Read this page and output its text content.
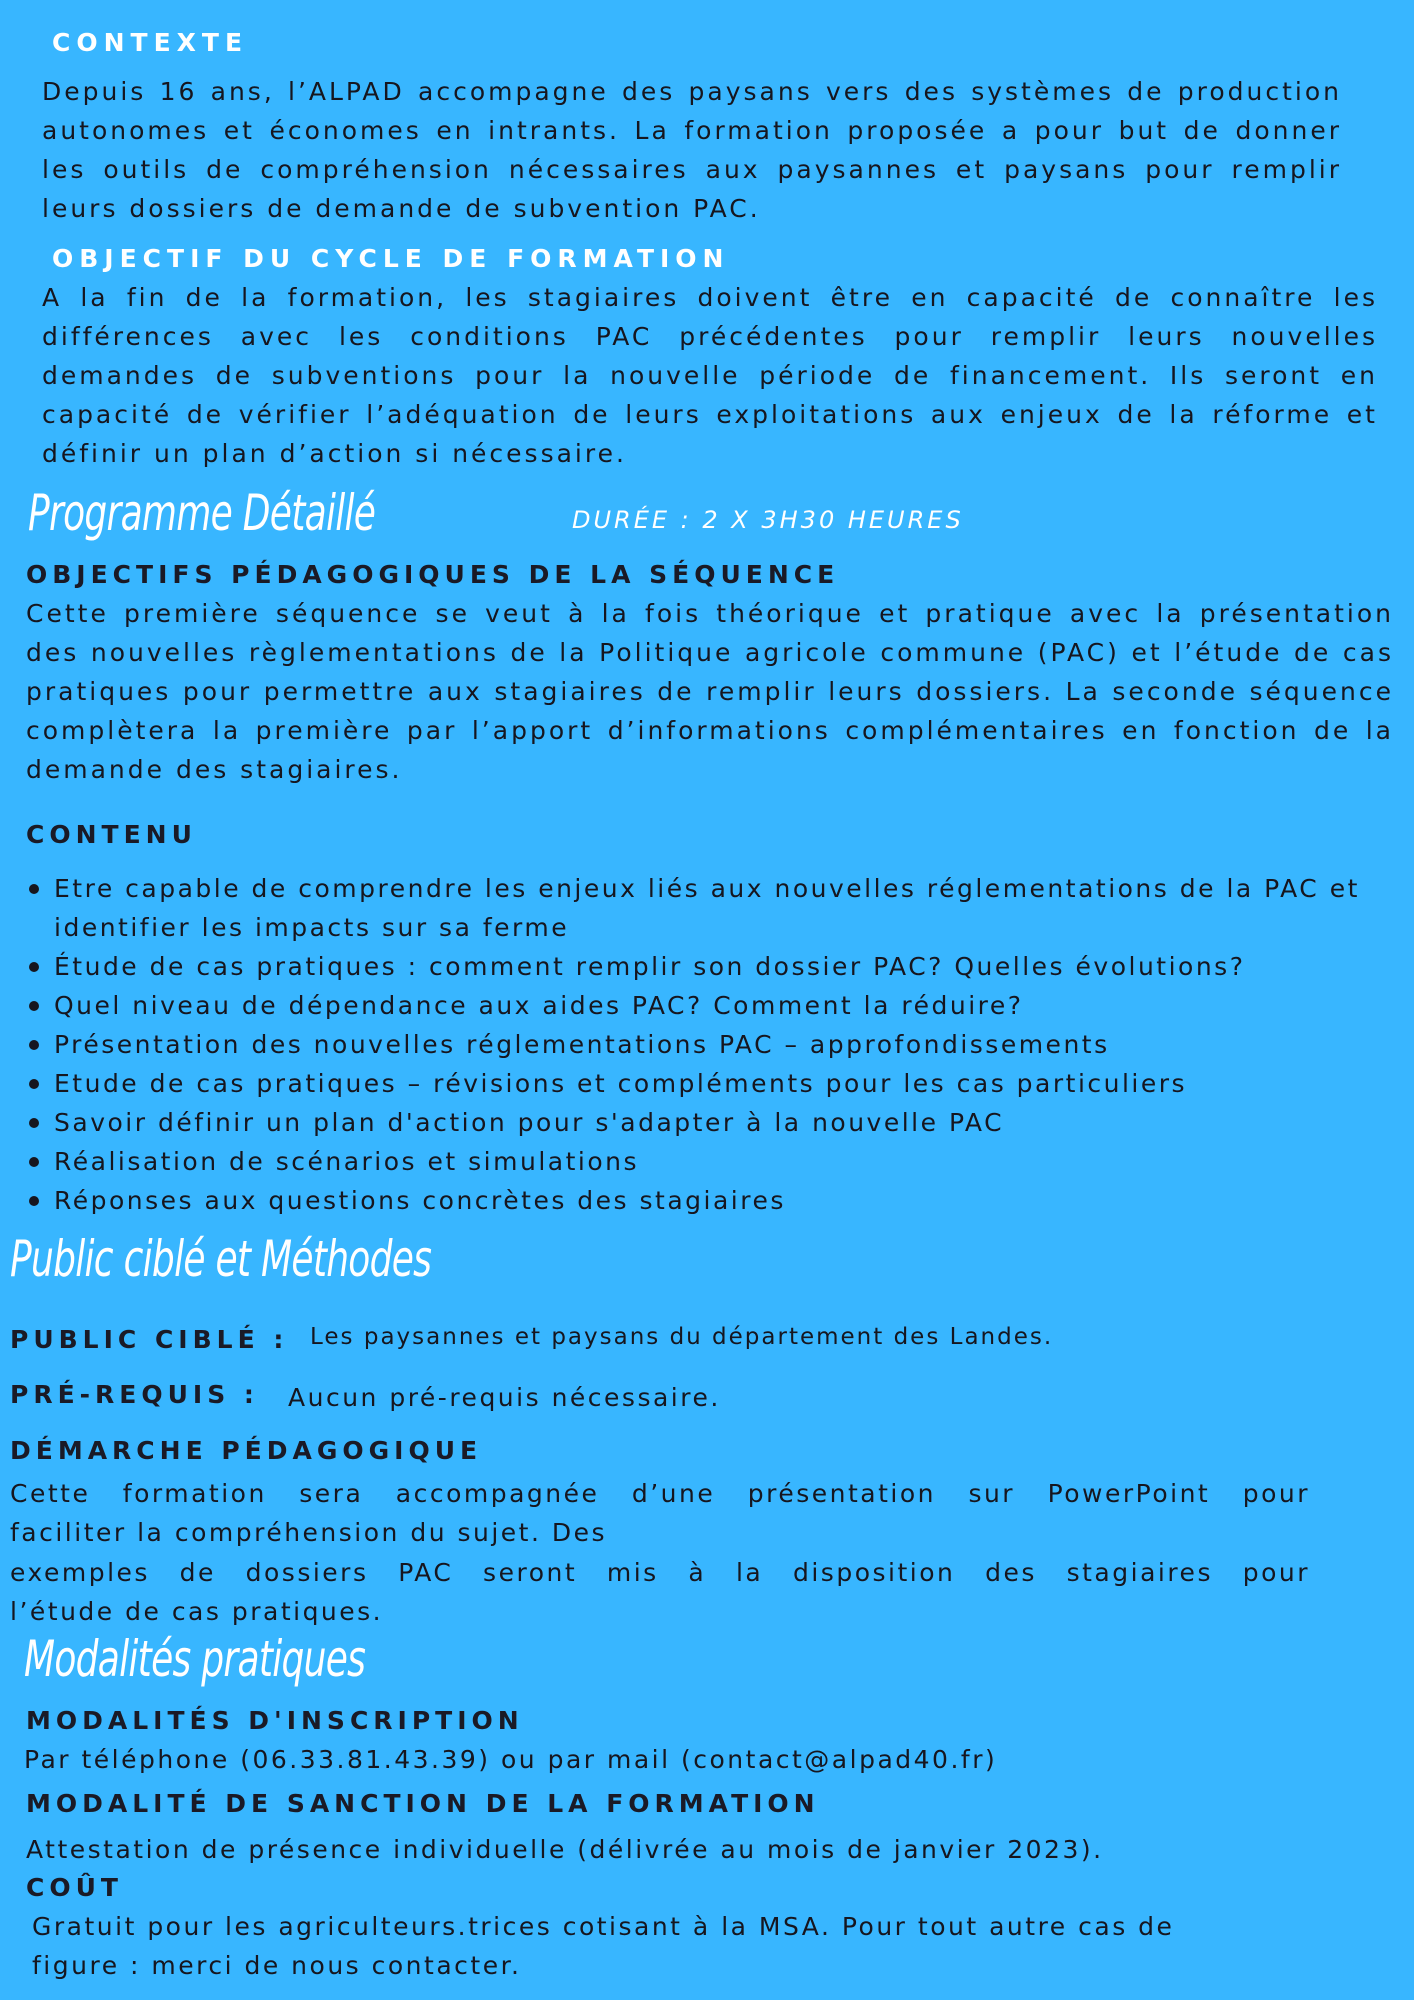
CONTEXTE

Depuis 16 ans, l’ALPAD accompagne des paysans vers des systèmes de production autonomes et économes en intrants. La formation proposée a pour but de donner les outils de compréhension nécessaires aux paysannes et paysans pour remplir leurs dossiers de demande de subvention PAC.

OBJECTIF DU CYCLE DE FORMATION

A la fin de la formation, les stagiaires doivent être en capacité de connaître les différences avec les conditions PAC précédentes pour remplir leurs nouvelles demandes de subventions pour la nouvelle période de financement. Ils seront en capacité de vérifier l’adéquation de leurs exploitations aux enjeux de la réforme et définir un plan d’action si nécessaire.

Programme Détaillé	DURÉE : 2 X 3H30 HEURES
OBJECTIFS PÉDAGOGIQUES DE LA SÉQUENCE

Cette première séquence se veut à la fois théorique et pratique avec la présentation des nouvelles règlementations de la Politique agricole commune (PAC) et l’étude de cas pratiques pour permettre aux stagiaires de remplir leurs dossiers. La seconde séquence complètera la première par l’apport d’informations complémentaires en fonction de la demande des stagiaires.

CONTENU
Etre capable de comprendre les enjeux liés aux nouvelles réglementations de la PAC et identifier les impacts sur sa ferme
Étude de cas pratiques : comment remplir son dossier PAC? Quelles évolutions?
Quel niveau de dépendance aux aides PAC? Comment la réduire?
Présentation des nouvelles réglementations PAC – approfondissements
Etude de cas pratiques – révisions et compléments pour les cas particuliers
Savoir définir un plan d'action pour s'adapter à la nouvelle PAC
Réalisation de scénarios et simulations
Réponses aux questions concrètes des stagiaires
Public ciblé et Méthodes
PUBLIC CIBLÉ : Les paysannes et paysans du département des Landes.
PRÉ-REQUIS : Aucun pré-requis nécessaire.
DÉMARCHE PÉDAGOGIQUE
Cette formation sera accompagnée d’une présentation sur PowerPoint pour
faciliter la compréhension du sujet. Des
exemples de dossiers PAC seront mis à la disposition des stagiaires pour
l’étude de cas pratiques.
Modalités pratiques
MODALITÉS D'INSCRIPTION
Par téléphone (06.33.81.43.39) ou par mail (contact@alpad40.fr)
MODALITÉ DE SANCTION DE LA FORMATION
Attestation de présence individuelle (délivrée au mois de janvier 2023).
COÛT
Gratuit pour les agriculteurs.trices cotisant à la MSA. Pour tout autre cas de
figure : merci de nous contacter.
